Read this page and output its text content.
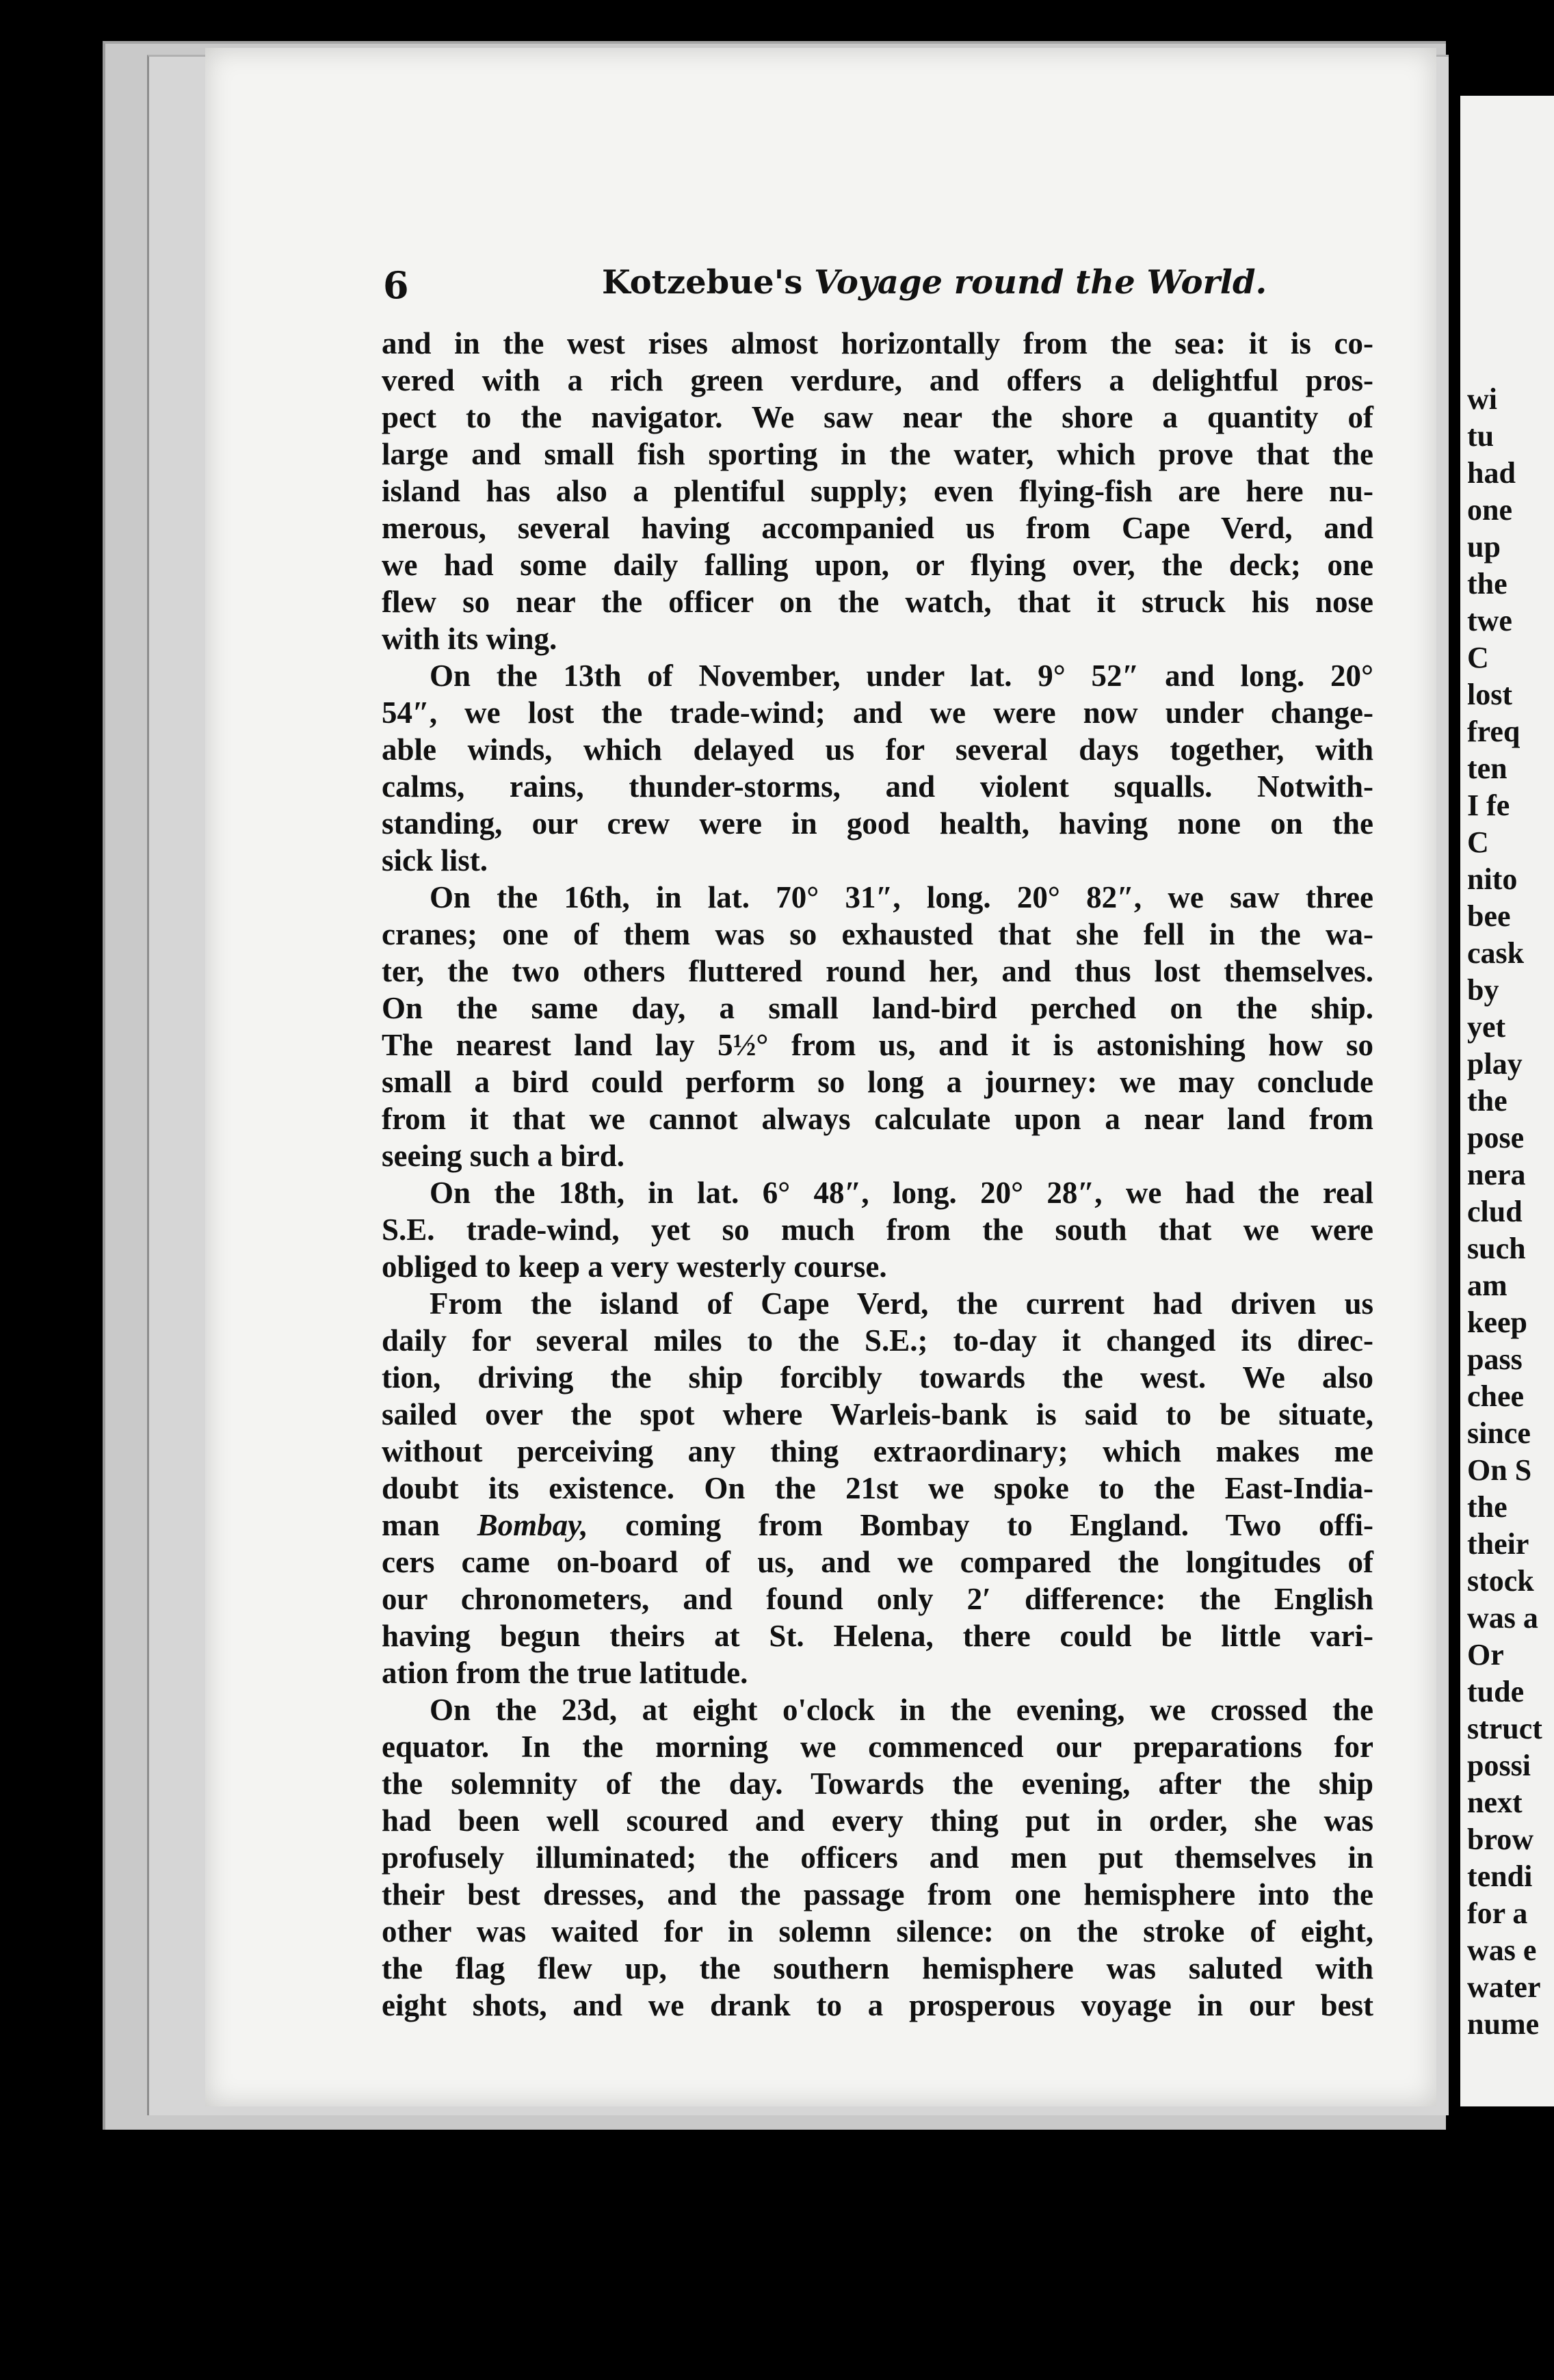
6	Kotzebue's Voyage round the World.

and in the west rises almost horizontally from the sea: it is co-

vered with a rich green verdure, and offers a delightful pros-

pect to the navigator. We saw near the shore a quantity of

large and small fish sporting in the water, which prove that the

island has also a plentiful supply; even flying-fish are here nu-

merous, several having accompanied us from Cape Verd, and

we had some daily falling upon, or flying over, the deck; one

flew so near the officer on the watch, that it struck his nose

with its wing.

On the 13th of November, under lat. 9° 52″ and long. 20°

54″, we lost the trade-wind; and we were now under change-

able winds, which delayed us for several days together, with

calms, rains, thunder-storms, and violent squalls. Notwith-

standing, our crew were in good health, having none on the

sick list.

On the 16th, in lat. 70° 31″, long. 20° 82″, we saw three

cranes; one of them was so exhausted that she fell in the wa-

ter, the two others fluttered round her, and thus lost themselves.

On the same day, a small land-bird perched on the ship.

The nearest land lay 5½° from us, and it is astonishing how so

small a bird could perform so long a journey: we may conclude

from it that we cannot always calculate upon a near land from

seeing such a bird.

On the 18th, in lat. 6° 48″, long. 20° 28″, we had the real

S.E. trade-wind, yet so much from the south that we were

obliged to keep a very westerly course.

From the island of Cape Verd, the current had driven us

daily for several miles to the S.E.; to-day it changed its direc-

tion, driving the ship forcibly towards the west. We also

sailed over the spot where Warleis-bank is said to be situate,

without perceiving any thing extraordinary; which makes me

doubt its existence. On the 21st we spoke to the East-India-

man Bombay, coming from Bombay to England. Two offi-

cers came on-board of us, and we compared the longitudes of

our chronometers, and found only 2′ difference: the English

having begun theirs at St. Helena, there could be little vari-

ation from the true latitude.

On the 23d, at eight o'clock in the evening, we crossed the

equator. In the morning we commenced our preparations for

the solemnity of the day. Towards the evening, after the ship

had been well scoured and every thing put in order, she was

profusely illuminated; the officers and men put themselves in

their best dresses, and the passage from one hemisphere into the

other was waited for in solemn silence: on the stroke of eight,

the flag flew up, the southern hemisphere was saluted with

eight shots, and we drank to a prosperous voyage in our best

wi
tu
had
one
up
the
twe
C
lost
freq
ten
I fe
C
nito
bee
cask
by
yet
play
the
pose
nera
clud
such
am
keep
pass
chee
since
On S
the
their
stock
was a
Or
tude
struct
possi
next
brow
tendi
for a
was e
water
nume
